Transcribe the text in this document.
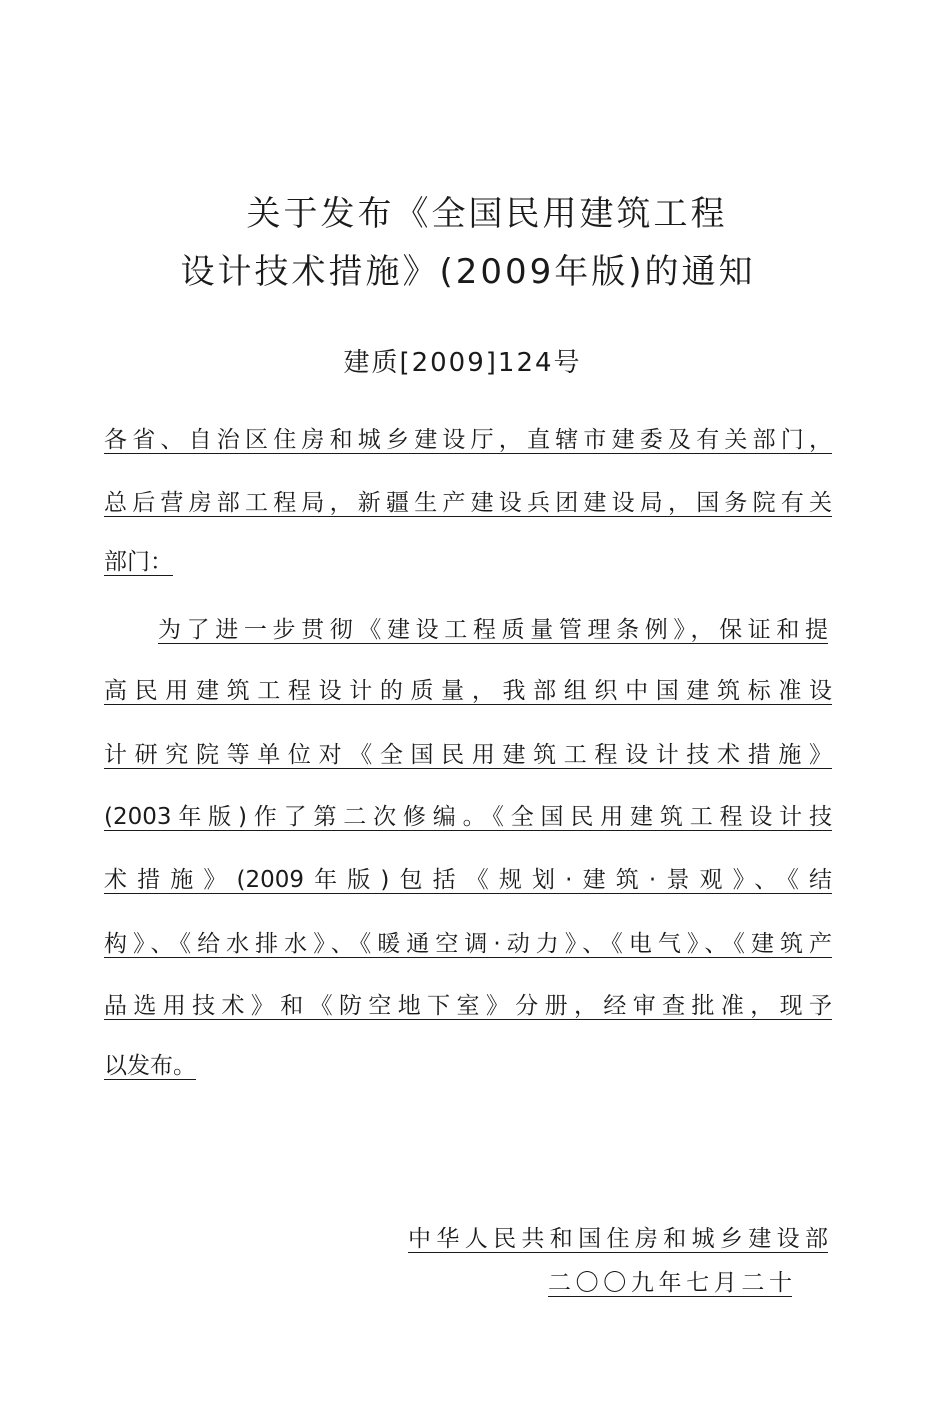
关于发布《全国民用建筑工程
设计技术措施》(2009年版)的通知
建质[2009]124号
各省、自治区住房和城乡建设厅，直辖市建委及有关部门，
总后营房部工程局，新疆生产建设兵团建设局，国务院有关
部门：
为了进一步贯彻《建设工程质量管理条例》，保证和提
高民用建筑工程设计的质量，我部组织中国建筑标准设
计研究院等单位对《全国民用建筑工程设计技术措施》
(2003年版)作了第二次修编。《全国民用建筑工程设计技
术措施》(2009年版)包括《规划·建筑·景观》、《结
构》、《给水排水》、《暖通空调·动力》、《电气》、《建筑产
品选用技术》和《防空地下室》分册，经审查批准，现予
以发布。
中华人民共和国住房和城乡建设部
二〇〇九年七月二十
